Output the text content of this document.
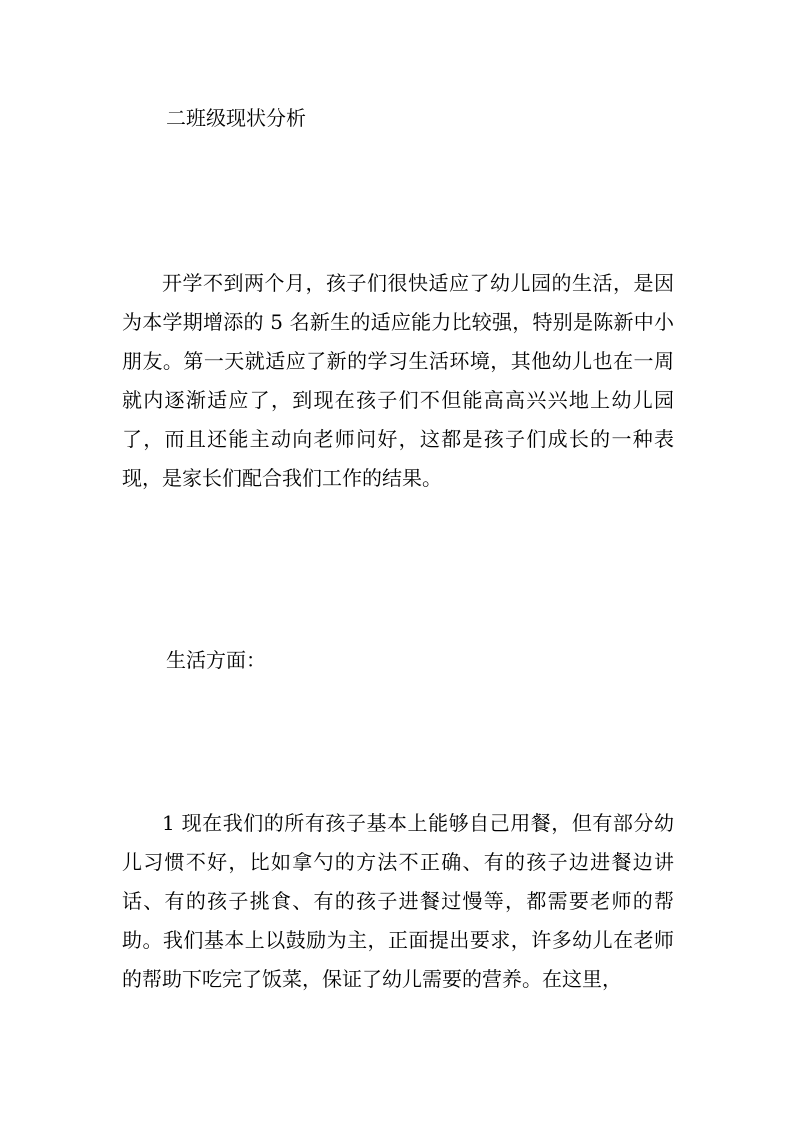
二班级现状分析

开学不到两个月，孩子们很快适应了幼儿园的生活，是因为本学期增添的 5 名新生的适应能力比较强，特别是陈新中小朋友。第一天就适应了新的学习生活环境，其他幼儿也在一周就内逐渐适应了，到现在孩子们不但能高高兴兴地上幼儿园了，而且还能主动向老师问好，这都是孩子们成长的一种表现，是家长们配合我们工作的结果。

生活方面：

1 现在我们的所有孩子基本上能够自己用餐，但有部分幼儿习惯不好，比如拿勺的方法不正确、有的孩子边进餐边讲话、有的孩子挑食、有的孩子进餐过慢等，都需要老师的帮助。我们基本上以鼓励为主，正面提出要求，许多幼儿在老师的帮助下吃完了饭菜，保证了幼儿需要的营养。在这里，
